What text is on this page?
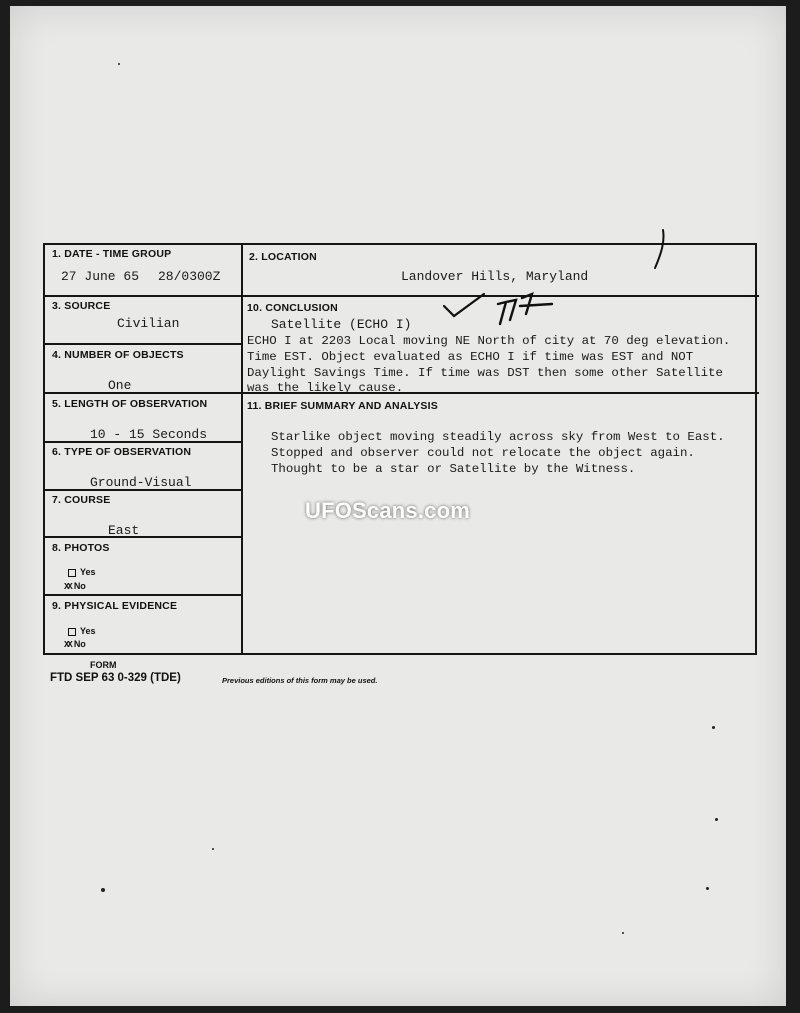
1. DATE - TIME GROUP
27 June 65 28/0300Z
2. LOCATION
Landover Hills, Maryland
3. SOURCE
Civilian
4. NUMBER OF OBJECTS
One
5. LENGTH OF OBSERVATION
10 - 15 Seconds
6. TYPE OF OBSERVATION
Ground-Visual
7. COURSE
East
8. PHOTOS
Yes
XX No
9. PHYSICAL EVIDENCE
Yes
XX No
10. CONCLUSION
Satellite (ECHO I)
ECHO I at 2203 Local moving NE North of city at 70 deg elevation.
Time EST. Object evaluated as ECHO I if time was EST and NOT
Daylight Savings Time. If time was DST then some other Satellite
was the likely cause.
11. BRIEF SUMMARY AND ANALYSIS
Starlike object moving steadily across sky from West to East.
Stopped and observer could not relocate the object again.
Thought to be a star or Satellite by the Witness.
FORM
FTD SEP 63 0-329 (TDE)	Previous editions of this form may be used.
UFOScans.com
